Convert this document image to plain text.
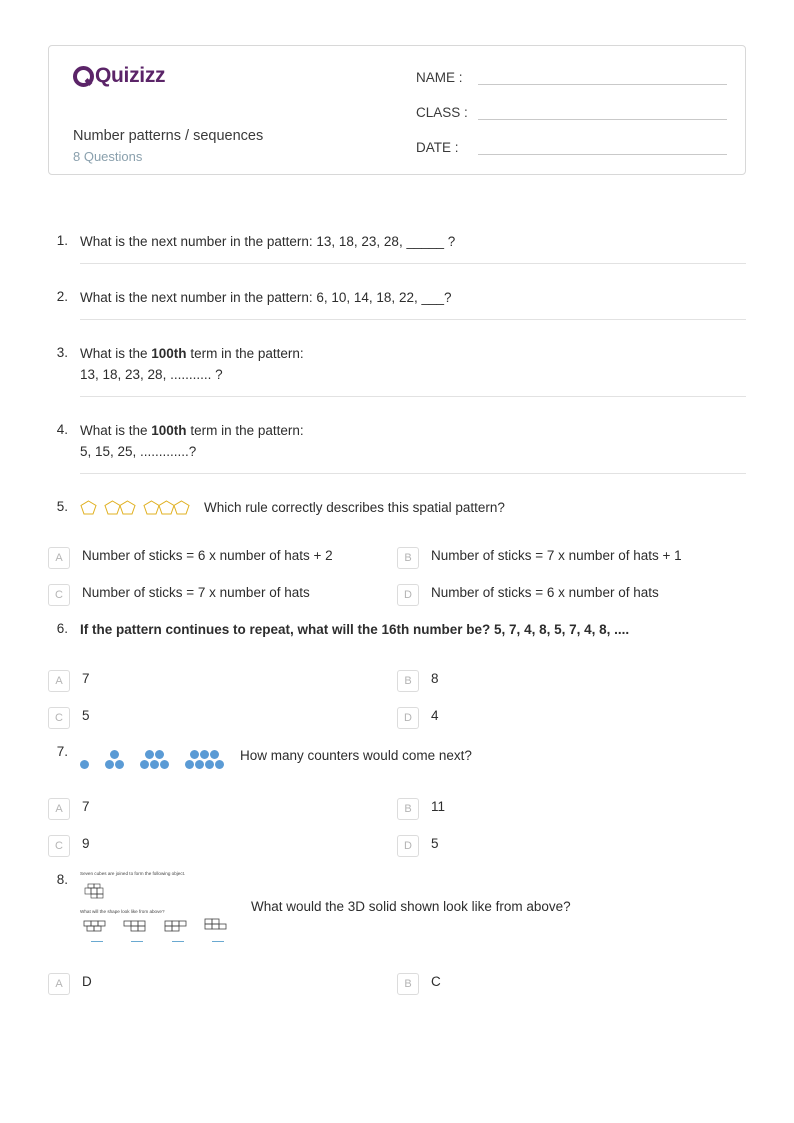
Quizizz
Number patterns / sequences
8 Questions
NAME :
CLASS :
DATE :
1. What is the next number in the pattern: 13, 18, 23, 28, _____ ?
2. What is the next number in the pattern: 6, 10, 14, 18, 22, ___?
3. What is the 100th term in the pattern:
13, 18, 23, 28, ........... ?
4. What is the 100th term in the pattern:
5, 15, 25, .............?
5.	Which rule correctly describes this spatial pattern?
A	Number of sticks = 6 x number of hats + 2	B	Number of sticks = 7 x number of hats + 1
C	Number of sticks = 7 x number of hats	D	Number of sticks = 6 x number of hats
6. If the pattern continues to repeat, what will the 16th number be? 5, 7, 4, 8, 5, 7, 4, 8, ....
A	7	B	8
C	5	D	4
7.	How many counters would come next?
A	7	B	11
C	9	D	5
8.	Seven cubes are joined to form the following object.
What will the shape look like from above?

	What would the 3D solid shown look like from above?
A	D	B	C
